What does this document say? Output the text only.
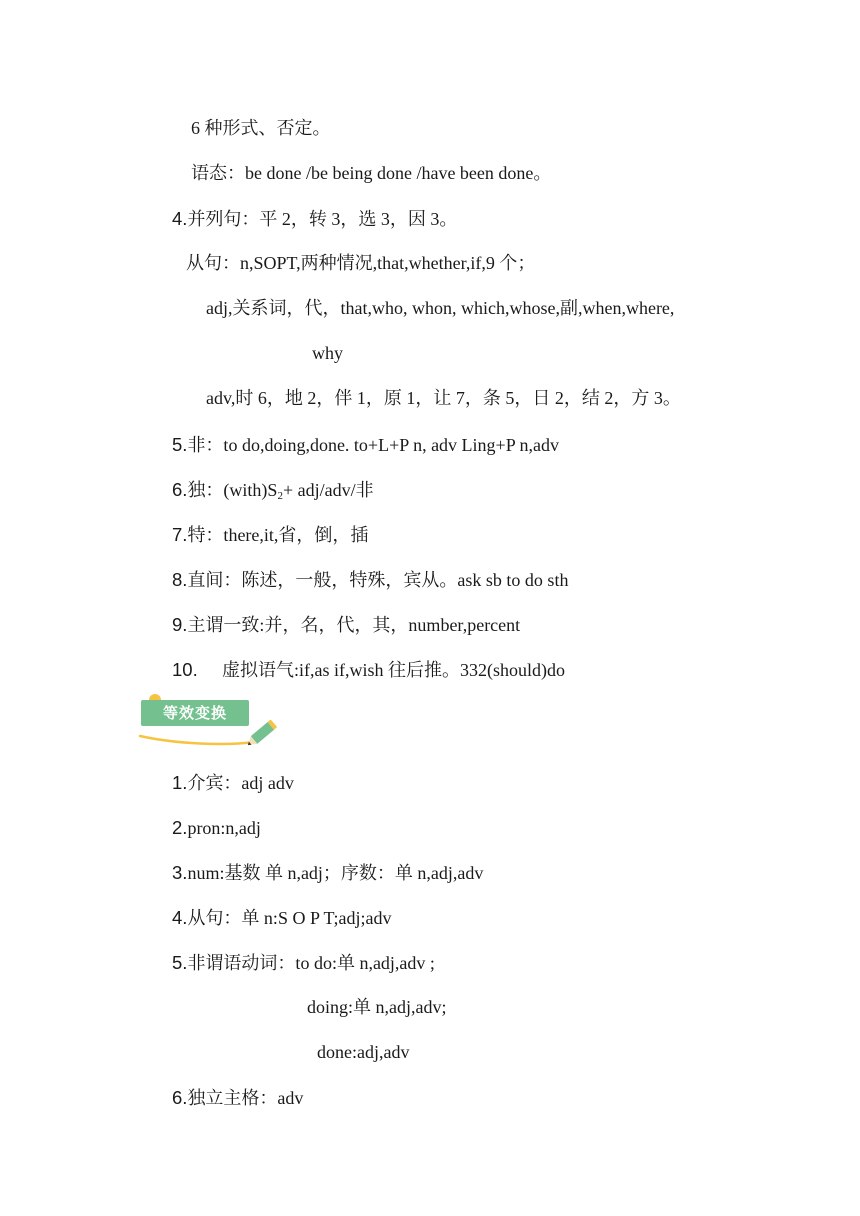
6 种形式、否定。
语态：be done /be being done /have been done。
4.并列句：平 2，转 3，选 3，因 3。
从句：n,SOPT,两种情况,that,whether,if,9 个；
adj,关系词，代，that,who, whon, which,whose,副,when,where,
why
adv,时 6，地 2，伴 1，原 1，让 7，条 5，日 2，结 2，方 3。
5.非：to do,doing,done. to+L+P n, adv Ling+P n,adv
6.独：$(with)S_2+ adj/adv/$非
7.特：there,it,省，倒，插
8.直间：陈述，一般，特殊，宾从。ask sb to do sth
9.主谓一致:并，名，代，其，number,percent
10. 虚拟语气:if,as if,wish 往后推。332(should)do
等效变换
1.介宾：adj adv
2.pron:n,adj
3.num:基数 单 n,adj；序数：单 n,adj,adv
4.从句：单 n:S O P T;adj;adv
5.非谓语动词：to do:单 n,adj,adv ;
doing:单 n,adj,adv;
done:adj,adv
6.独立主格：adv
